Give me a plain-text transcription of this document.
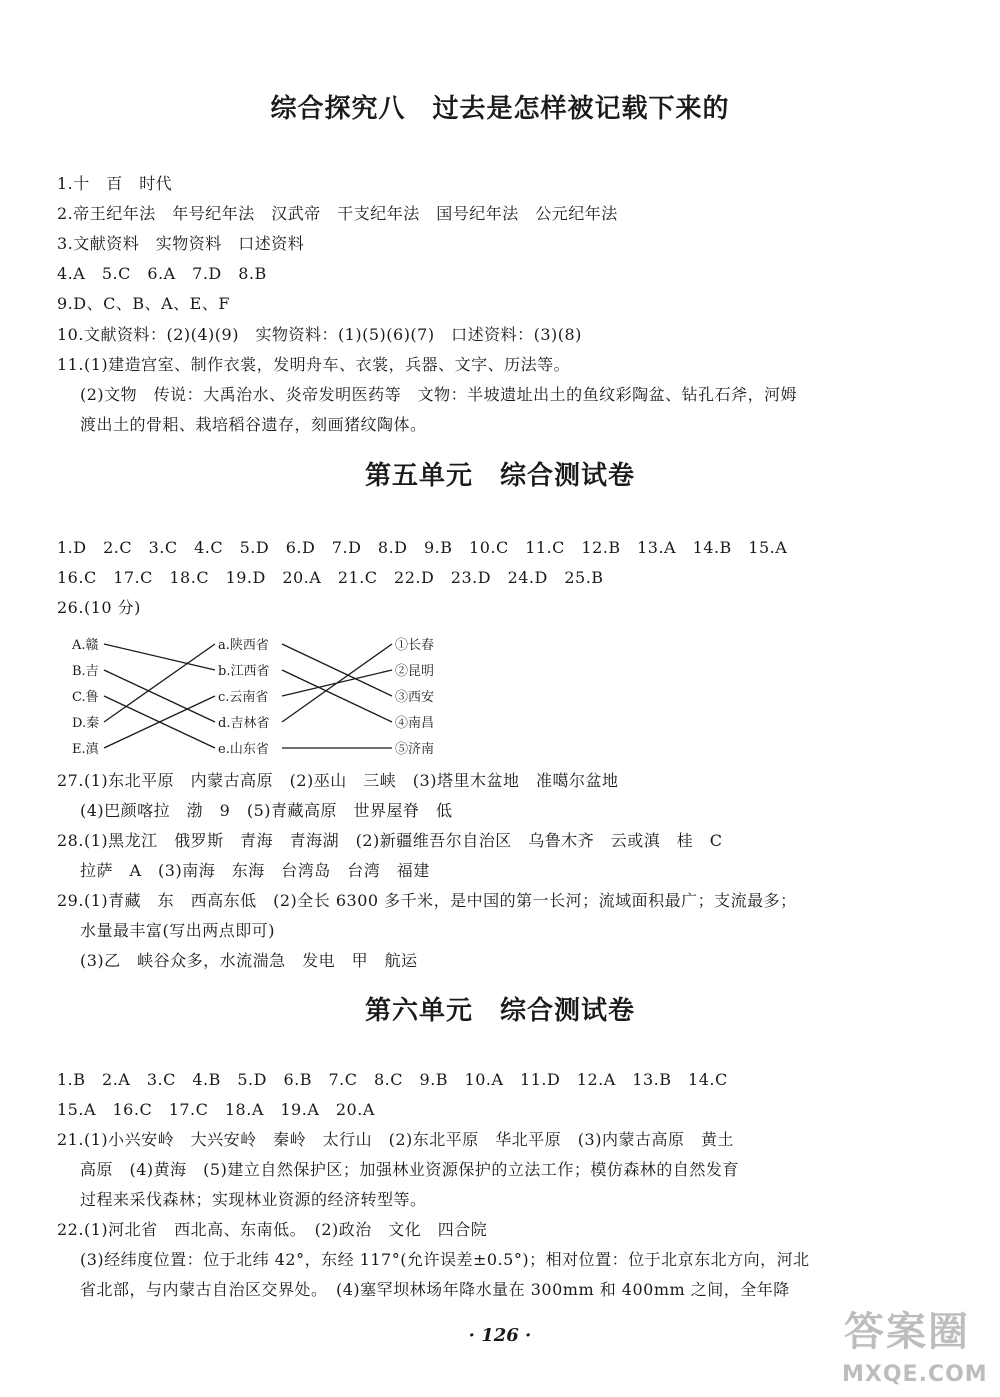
综合探究八　过去是怎样被记载下来的
1.十　百　时代
2.帝王纪年法　年号纪年法　汉武帝　干支纪年法　国号纪年法　公元纪年法
3.文献资料　实物资料　口述资料
4.A　5.C　6.A　7.D　8.B
9.D、C、B、A、E、F
10.文献资料：(2)(4)(9)　实物资料：(1)(5)(6)(7)　口述资料：(3)(8)
11.(1)建造宫室、制作衣裳，发明舟车、衣裳，兵器、文字、历法等。
(2)文物　传说：大禹治水、炎帝发明医药等　文物：半坡遗址出土的鱼纹彩陶盆、钻孔石斧，河姆
渡出土的骨耜、栽培稻谷遗存，刻画猪纹陶体。
第五单元　综合测试卷
1.D　2.C　3.C　4.C　5.D　6.D　7.D　8.D　9.B　10.C　11.C　12.B　13.A　14.B　15.A
16.C　17.C　18.C　19.D　20.A　21.C　22.D　23.D　24.D　25.B
26.(10 分)
A.赣
B.吉
C.鲁
D.秦
E.滇
a.陕西省
b.江西省
c.云南省
d.吉林省
e.山东省
①长春
②昆明
③西安
④南昌
⑤济南
27.(1)东北平原　内蒙古高原　(2)巫山　三峡　(3)塔里木盆地　准噶尔盆地
(4)巴颜喀拉　渤　9　(5)青藏高原　世界屋脊　低
28.(1)黑龙江　俄罗斯　青海　青海湖　(2)新疆维吾尔自治区　乌鲁木齐　云或滇　桂　C
拉萨　A　(3)南海　东海　台湾岛　台湾　福建
29.(1)青藏　东　西高东低　(2)全长 6300 多千米，是中国的第一长河；流域面积最广；支流最多；
水量最丰富(写出两点即可)
(3)乙　峡谷众多，水流湍急　发电　甲　航运
第六单元　综合测试卷
1.B　2.A　3.C　4.B　5.D　6.B　7.C　8.C　9.B　10.A　11.D　12.A　13.B　14.C
15.A　16.C　17.C　18.A　19.A　20.A
21.(1)小兴安岭　大兴安岭　秦岭　太行山　(2)东北平原　华北平原　(3)内蒙古高原　黄土
高原　(4)黄海　(5)建立自然保护区；加强林业资源保护的立法工作；模仿森林的自然发育
过程来采伐森林；实现林业资源的经济转型等。
22.(1)河北省　西北高、东南低。　(2)政治　文化　四合院
(3)经纬度位置：位于北纬 42°，东经 117°(允许误差±0.5°)；相对位置：位于北京东北方向，河北
省北部，与内蒙古自治区交界处。　(4)塞罕坝林场年降水量在 300mm 和 400mm 之间，全年降
· 126 ·	答案圈
MXQE.COM
